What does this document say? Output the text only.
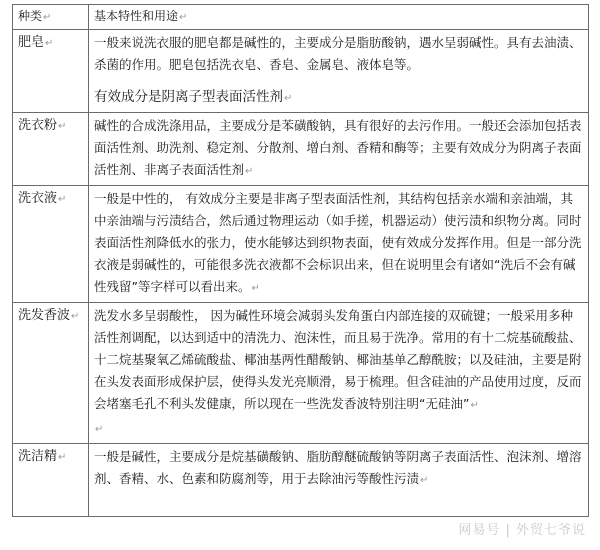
种类↵	基本特性和用途↵
肥皂↵	一般来说洗衣服的肥皂都是碱性的，主要成分是脂肪酸钠，遇水呈弱碱性。具有去油渍、杀菌的作用。肥皂包括洗衣皂、香皂、金属皂、液体皂等。

有效成分是阴离子型表面活性剂↵

洗衣粉↵	碱性的合成洗涤用品，主要成分是苯磺酸钠，具有很好的去污作用。一般还会添加包括表面活性剂、助洗剂、稳定剂、分散剂、增白剂、香精和酶等；主要有效成分为阴离子表面活性剂、非离子表面活性剂↵
洗衣液↵	一般是中性的， 有效成分主要是非离子型表面活性剂，其结构包括亲水端和亲油端，其中亲油端与污渍结合，然后通过物理运动（如手搓，机器运动）使污渍和织物分离。同时表面活性剂降低水的张力，使水能够达到织物表面，使有效成分发挥作用。但是一部分洗衣液是弱碱性的，可能很多洗衣液都不会标识出来，但在说明里会有诸如“洗后不会有碱性残留”等字样可以看出来。↵
洗发香波↵	洗发水多呈弱酸性， 因为碱性环境会减弱头发角蛋白内部连接的双硫键；一般采用多种活性剂调配，以达到适中的清洗力、泡沫性，而且易于洗净。常用的有十二烷基硫酸盐、十二烷基聚氧乙烯硫酸盐、椰油基两性醋酸钠、椰油基单乙醇酰胺；以及硅油，主要是附在头发表面形成保护层，使得头发光亮顺滑，易于梳理。但含硅油的产品使用过度，反而会堵塞毛孔不利头发健康，所以现在一些洗发香波特别注明“无硅油”↵
↵
洗洁精↵	一般是碱性，主要成分是烷基磺酸钠、脂肪醇醚硫酸钠等阴离子表面活性、泡沫剂、增溶剂、香精、水、色素和防腐剂等，用于去除油污等酸性污渍↵

网易号 | 外贸七爷说
